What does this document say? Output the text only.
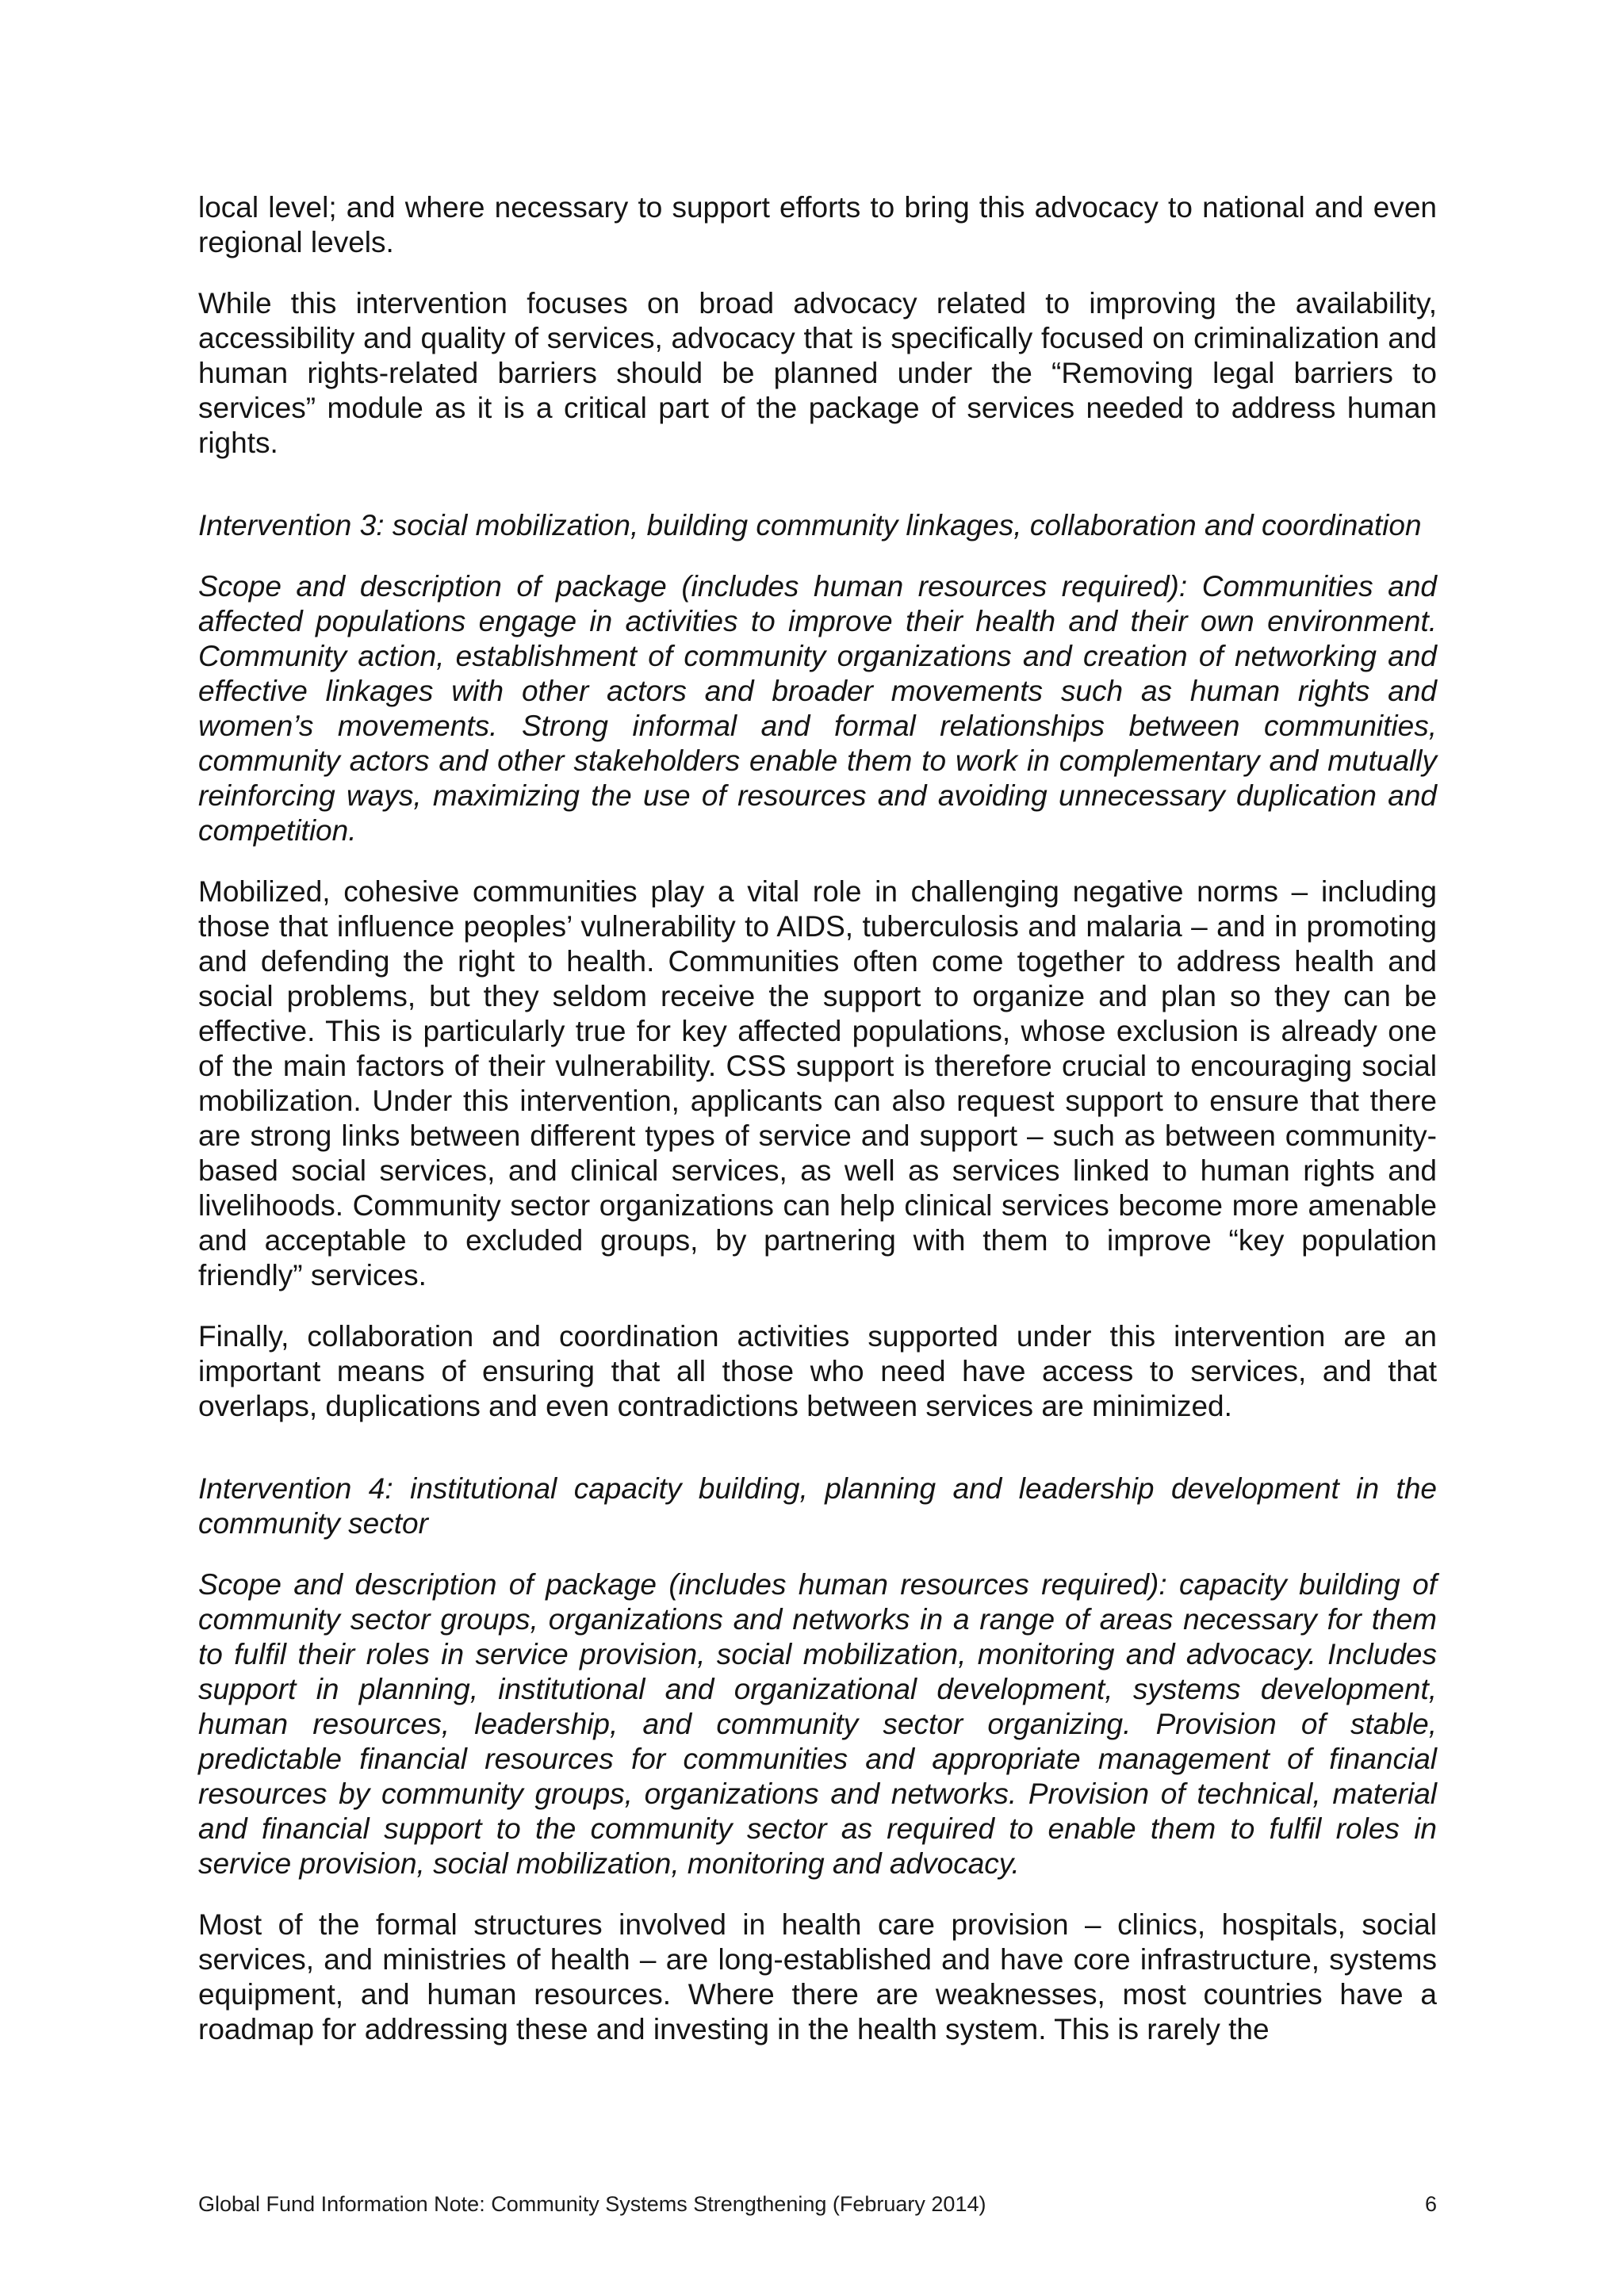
local level; and where necessary to support efforts to bring this advocacy to national and even regional levels.

While this intervention focuses on broad advocacy related to improving the availability, accessibility and quality of services, advocacy that is specifically focused on criminalization and human rights-related barriers should be planned under the “Removing legal barriers to services” module as it is a critical part of the package of services needed to address human rights.

Intervention 3: social mobilization, building community linkages, collaboration and coordination

Scope and description of package (includes human resources required): Communities and affected populations engage in activities to improve their health and their own environment. Community action, establishment of community organizations and creation of networking and effective linkages with other actors and broader movements such as human rights and women’s movements. Strong informal and formal relationships between communities, community actors and other stakeholders enable them to work in complementary and mutually reinforcing ways, maximizing the use of resources and avoiding unnecessary duplication and competition.

Mobilized, cohesive communities play a vital role in challenging negative norms – including those that influence peoples’ vulnerability to AIDS, tuberculosis and malaria – and in promoting and defending the right to health. Communities often come together to address health and social problems, but they seldom receive the support to organize and plan so they can be effective. This is particularly true for key affected populations, whose exclusion is already one of the main factors of their vulnerability. CSS support is therefore crucial to encouraging social mobilization. Under this intervention, applicants can also request support to ensure that there are strong links between different types of service and support – such as between community-based social services, and clinical services, as well as services linked to human rights and livelihoods. Community sector organizations can help clinical services become more amenable and acceptable to excluded groups, by partnering with them to improve “key population friendly” services.

Finally, collaboration and coordination activities supported under this intervention are an important means of ensuring that all those who need have access to services, and that overlaps, duplications and even contradictions between services are minimized.

Intervention 4: institutional capacity building, planning and leadership development in the community sector

Scope and description of package (includes human resources required): capacity building of community sector groups, organizations and networks in a range of areas necessary for them to fulfil their roles in service provision, social mobilization, monitoring and advocacy. Includes support in planning, institutional and organizational development, systems development, human resources, leadership, and community sector organizing. Provision of stable, predictable financial resources for communities and appropriate management of financial resources by community groups, organizations and networks. Provision of technical, material and financial support to the community sector as required to enable them to fulfil roles in service provision, social mobilization, monitoring and advocacy.

Most of the formal structures involved in health care provision – clinics, hospitals, social services, and ministries of health – are long-established and have core infrastructure, systems equipment, and human resources. Where there are weaknesses, most countries have a roadmap for addressing these and investing in the health system. This is rarely the

Global Fund Information Note: Community Systems Strengthening (February 2014)	6
